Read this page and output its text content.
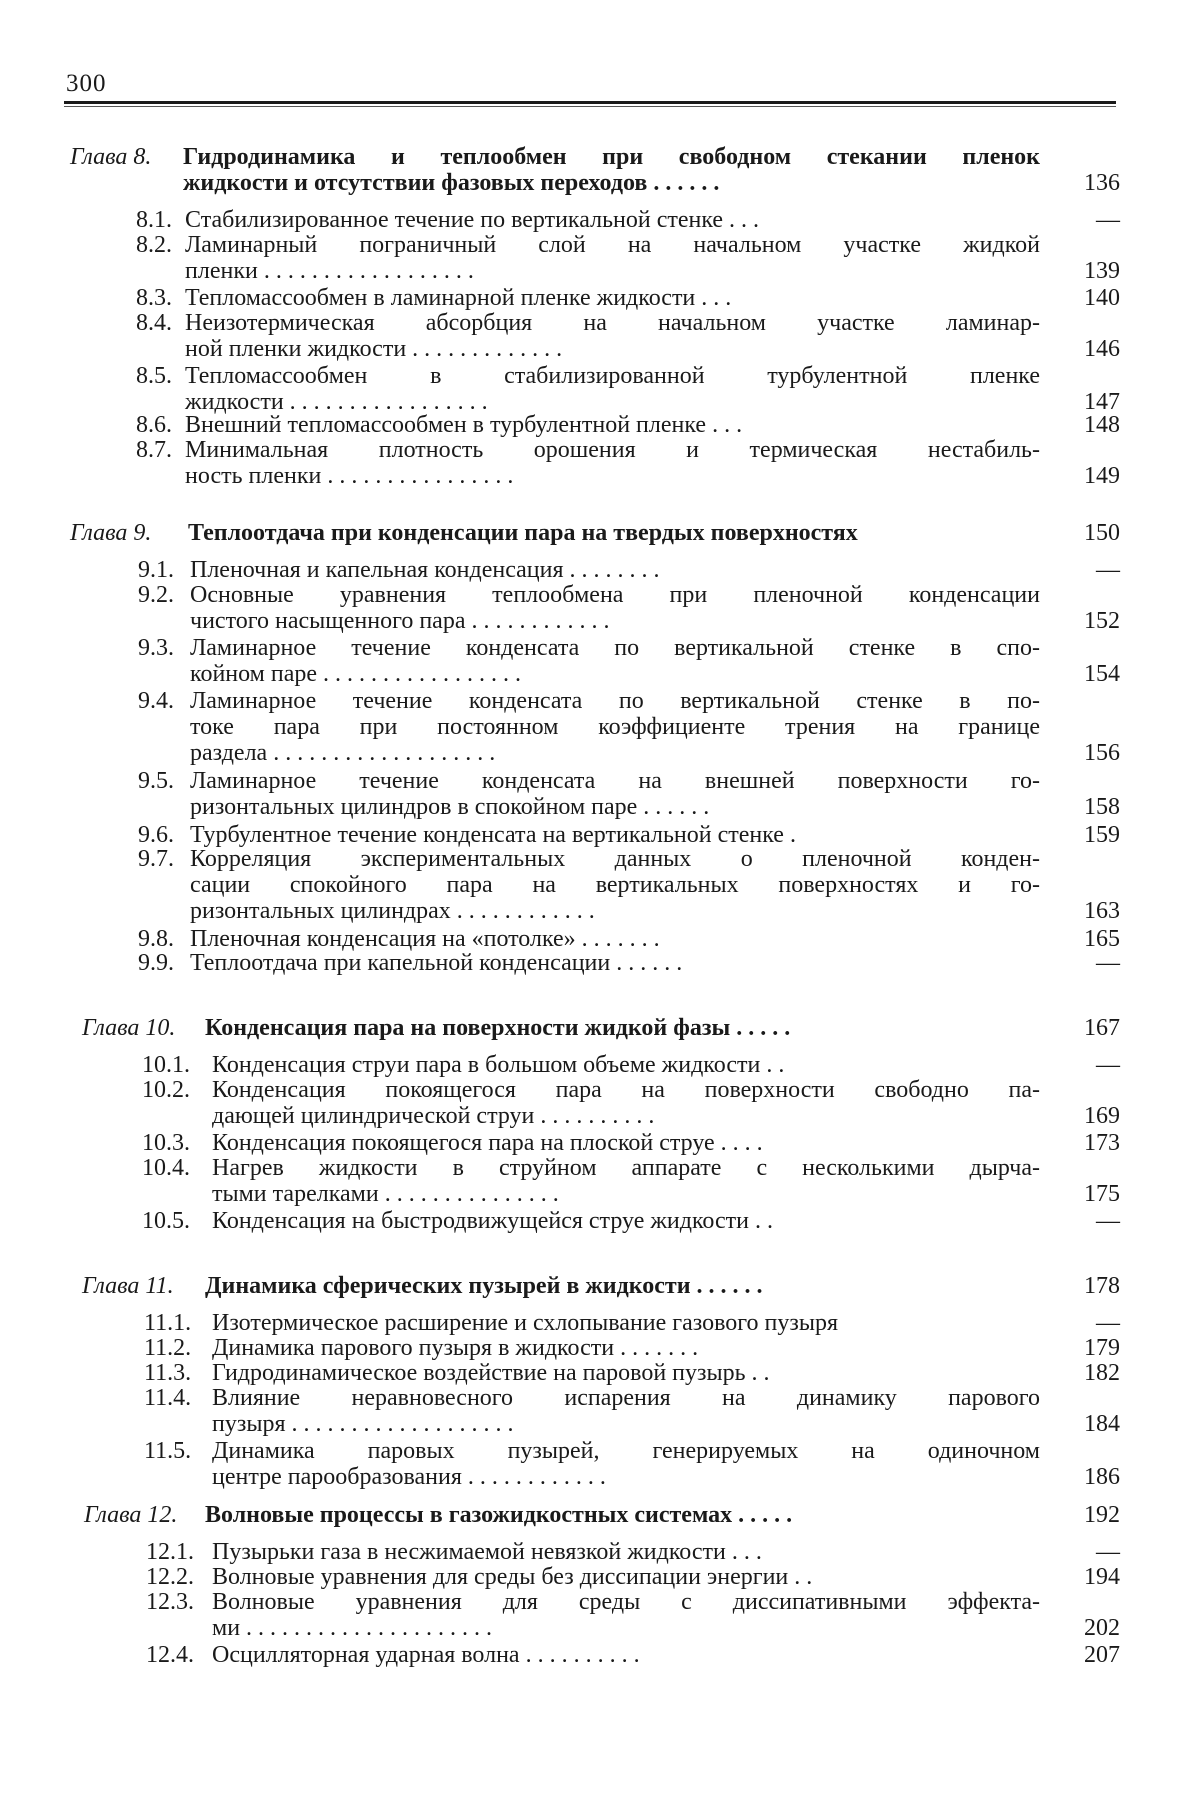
300
Глава 8.	Гидродинамика и теплообмен при свободном стекании пленок
жидкости и отсутствии фазовых переходов . . . . . .	136
8.1. Стабилизированное течение по вертикальной стенке . . .	—
8.2. Ламинарный пограничный слой на начальном участке жидкой
пленки . . . . . . . . . . . . . . . . . .	139
8.3. Тепломассообмен в ламинарной пленке жидкости . . .	140
8.4. Неизотермическая абсорбция на начальном участке ламинар-
ной пленки жидкости . . . . . . . . . . . . .	146
8.5. Тепломассообмен в стабилизированной турбулентной пленке
жидкости . . . . . . . . . . . . . . . . .	147
8.6. Внешний тепломассообмен в турбулентной пленке . . .	148
8.7. Минимальная плотность орошения и термическая нестабиль-
ность пленки . . . . . . . . . . . . . . . .	149
Глава 9.	Теплоотдача при конденсации пара на твердых поверхностях	150
9.1. Пленочная и капельная конденсация . . . . . . . .	—
9.2. Основные уравнения теплообмена при пленочной конденсации
чистого насыщенного пара . . . . . . . . . . . .	152
9.3. Ламинарное течение конденсата по вертикальной стенке в спо-
койном паре . . . . . . . . . . . . . . . . .	154
9.4. Ламинарное течение конденсата по вертикальной стенке в по-
токе пара при постоянном коэффициенте трения на границе
раздела . . . . . . . . . . . . . . . . . . .	156
9.5. Ламинарное течение конденсата на внешней поверхности го-
ризонтальных цилиндров в спокойном паре . . . . . .	158
9.6. Турбулентное течение конденсата на вертикальной стенке .	159
9.7. Корреляция экспериментальных данных о пленочной конден-
сации спокойного пара на вертикальных поверхностях и го-
ризонтальных цилиндрах . . . . . . . . . . . .	163
9.8. Пленочная конденсация на «потолке» . . . . . . .	165
9.9. Теплоотдача при капельной конденсации . . . . . .	—
Глава 10.	Конденсация пара на поверхности жидкой фазы . . . . .	167
10.1. Конденсация струи пара в большом объеме жидкости . .	—
10.2. Конденсация покоящегося пара на поверхности свободно па-
дающей цилиндрической струи . . . . . . . . . .	169
10.3. Конденсация покоящегося пара на плоской струе . . . .	173
10.4. Нагрев жидкости в струйном аппарате с несколькими дырча-
тыми тарелками . . . . . . . . . . . . . . .	175
10.5. Конденсация на быстродвижущейся струе жидкости . .	—
Глава 11.	Динамика сферических пузырей в жидкости . . . . . .	178
11.1. Изотермическое расширение и схлопывание газового пузыря	—
11.2. Динамика парового пузыря в жидкости . . . . . . .	179
11.3. Гидродинамическое воздействие на паровой пузырь . .	182
11.4. Влияние неравновесного испарения на динамику парового
пузыря . . . . . . . . . . . . . . . . . . .	184
11.5. Динамика паровых пузырей, генерируемых на одиночном
центре парообразования . . . . . . . . . . . .	186
Глава 12.	Волновые процессы в газожидкостных системах . . . . .	192
12.1. Пузырьки газа в несжимаемой невязкой жидкости . . .	—
12.2. Волновые уравнения для среды без диссипации энергии . .	194
12.3. Волновые уравнения для среды с диссипативными эффекта-
ми . . . . . . . . . . . . . . . . . . . . .	202
12.4. Осцилляторная ударная волна . . . . . . . . . .	207
